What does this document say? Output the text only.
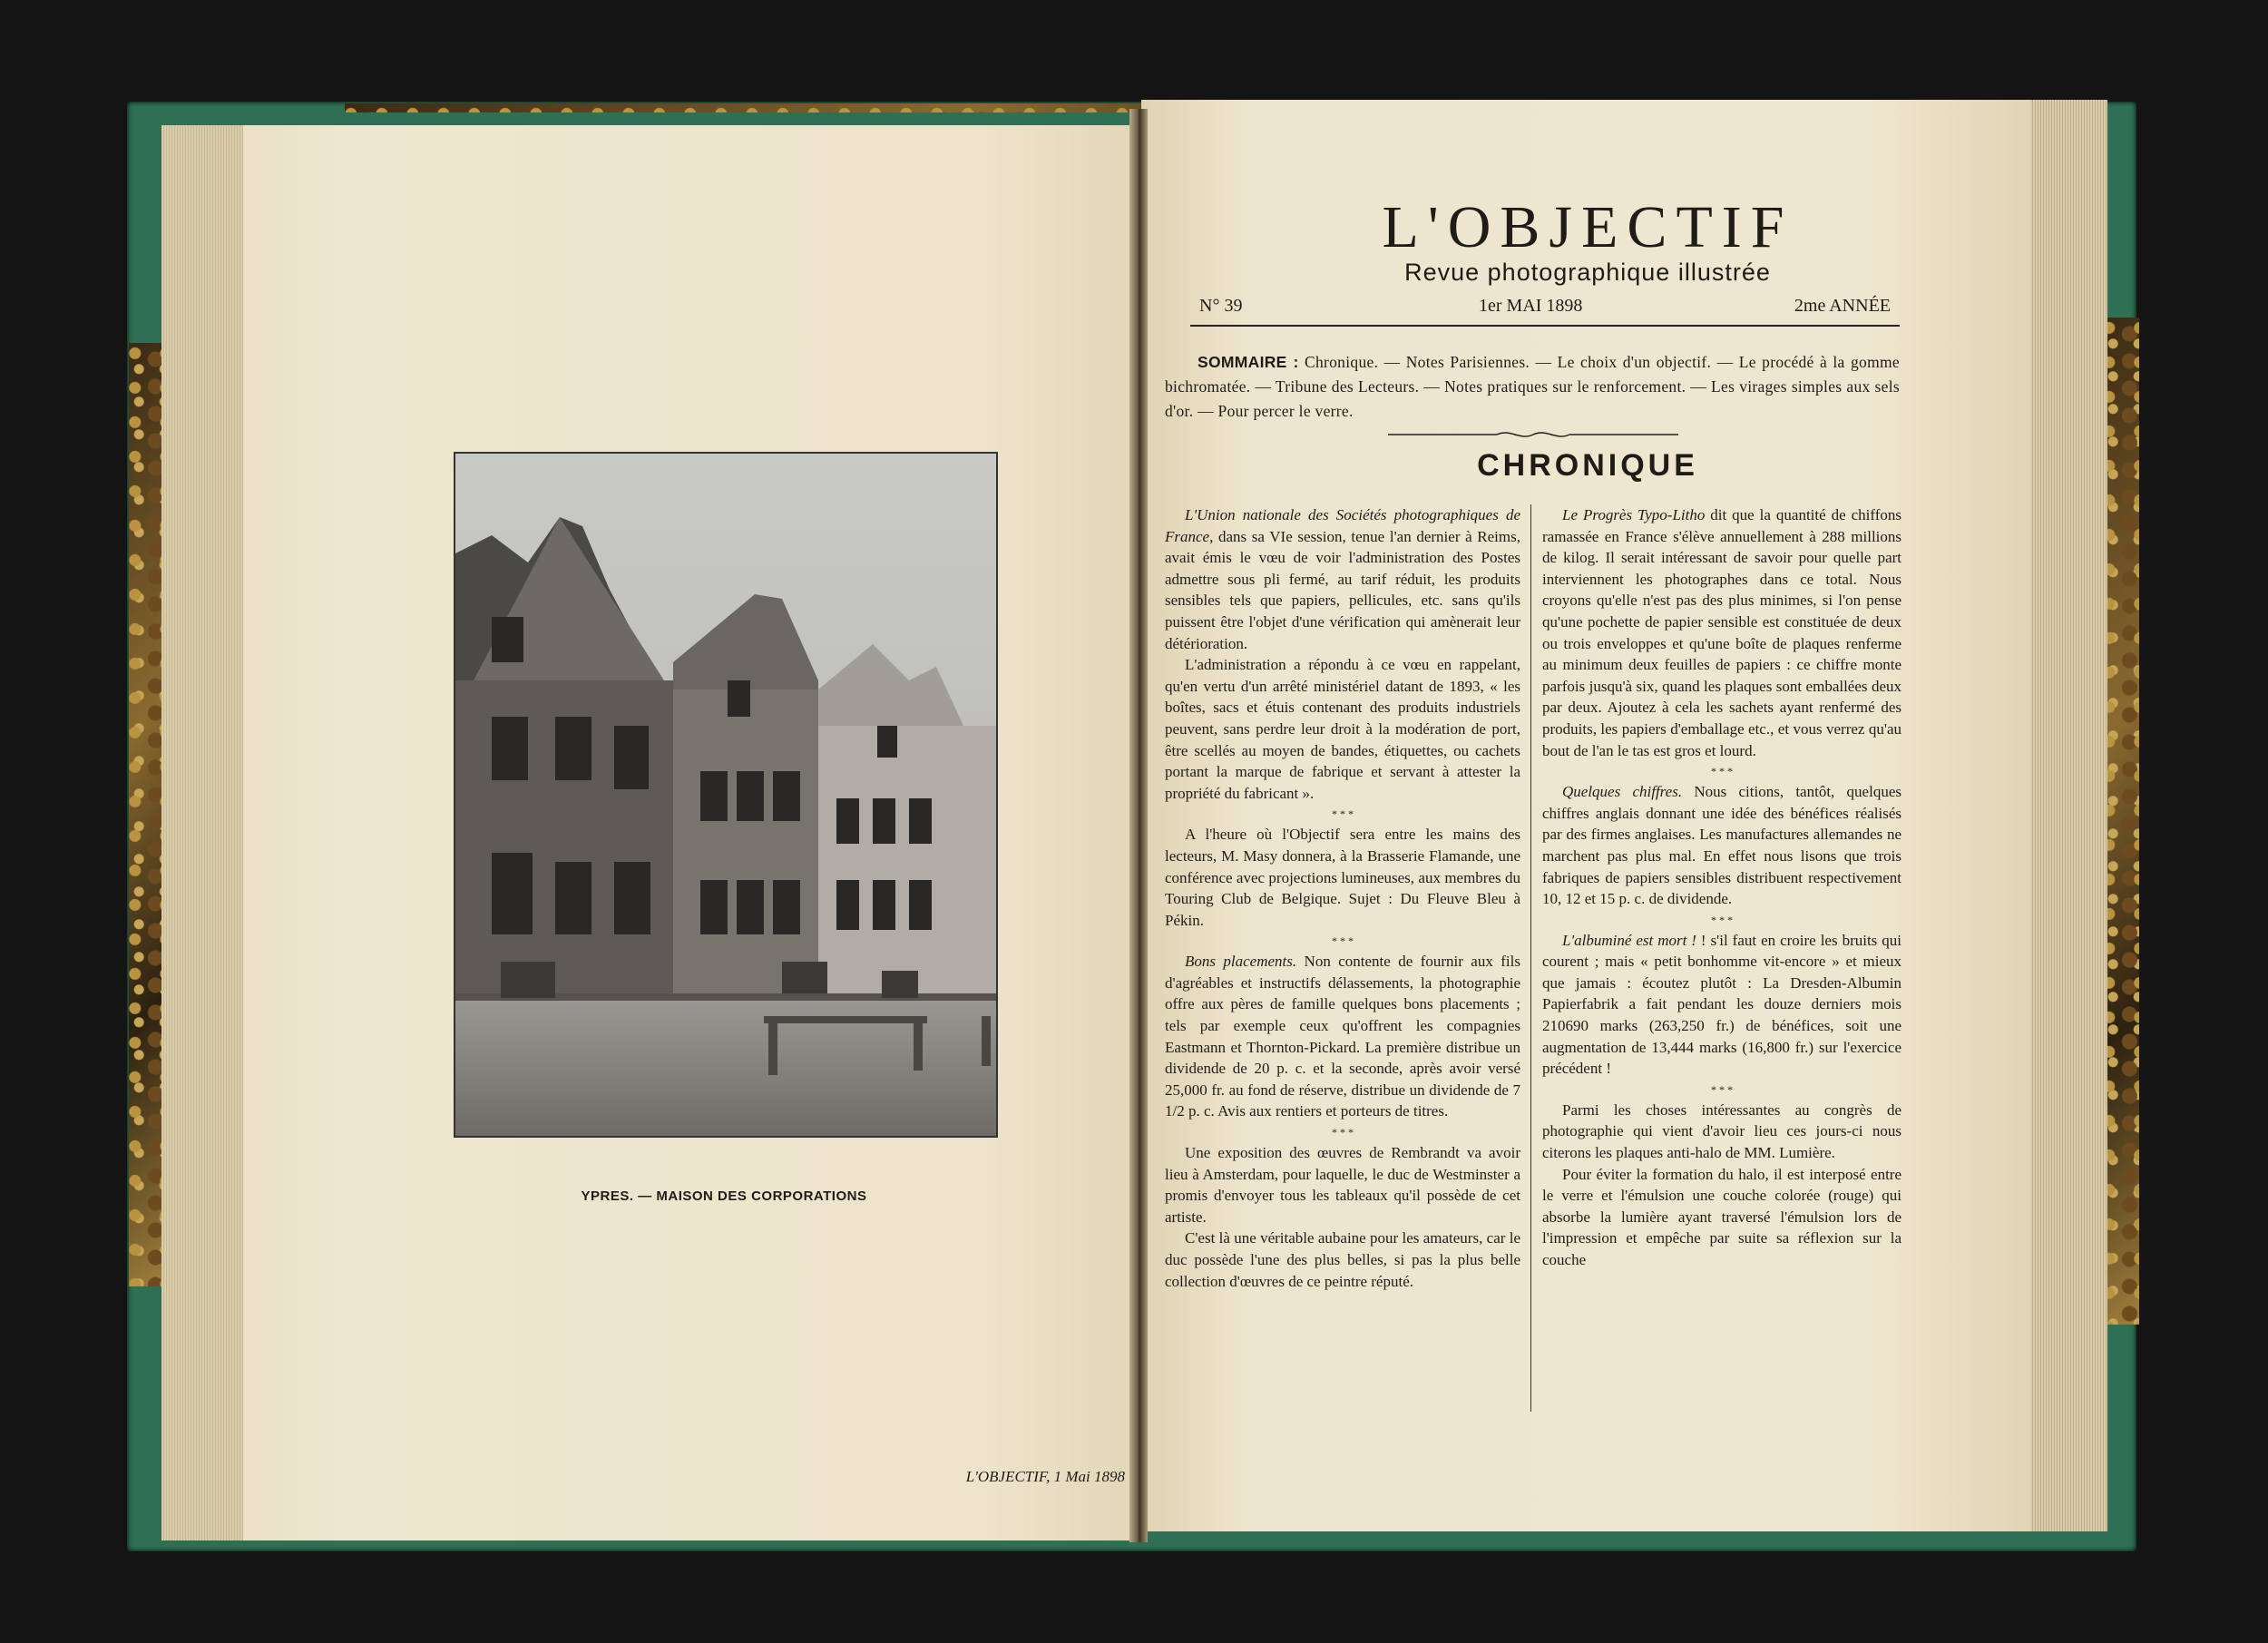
YPRES. — MAISON DES CORPORATIONS
L'OBJECTIF, 1 Mai 1898
L'OBJECTIF
Revue photographique illustrée
N° 39	1er MAI 1898	2me ANNÉE
SOMMAIRE : Chronique. — Notes Parisiennes. — Le choix d'un objectif. — Le procédé à la gomme bichromatée. — Tribune des Lecteurs. — Notes pratiques sur le renforcement. — Les virages simples aux sels d'or. — Pour percer le verre.
CHRONIQUE

L'Union nationale des Sociétés photographiques de France, dans sa VIe session, tenue l'an dernier à Reims, avait émis le vœu de voir l'administration des Postes admettre sous pli fermé, au tarif réduit, les produits sensibles tels que papiers, pellicules, etc. sans qu'ils puissent être l'objet d'une vérification qui amènerait leur détérioration.

L'administration a répondu à ce vœu en rappelant, qu'en vertu d'un arrêté ministériel datant de 1893, « les boîtes, sacs et étuis contenant des produits industriels peuvent, sans perdre leur droit à la modération de port, être scellés au moyen de bandes, étiquettes, ou cachets portant la marque de fabrique et servant à attester la propriété du fabricant ».

* * *

A l'heure où l'Objectif sera entre les mains des lecteurs, M. Masy donnera, à la Brasserie Flamande, une conférence avec projections lumineuses, aux membres du Touring Club de Belgique. Sujet : Du Fleuve Bleu à Pékin.

* * *

Bons placements. Non contente de fournir aux fils d'agréables et instructifs délassements, la photographie offre aux pères de famille quelques bons placements ; tels par exemple ceux qu'offrent les compagnies Eastmann et Thornton-Pickard. La première distribue un dividende de 20 p. c. et la seconde, après avoir versé 25,000 fr. au fond de réserve, distribue un dividende de 7 1/2 p. c. Avis aux rentiers et porteurs de titres.

* * *

Une exposition des œuvres de Rembrandt va avoir lieu à Amsterdam, pour laquelle, le duc de Westminster a promis d'envoyer tous les tableaux qu'il possède de cet artiste.

C'est là une véritable aubaine pour les amateurs, car le duc possède l'une des plus belles, si pas la plus belle collection d'œuvres de ce peintre réputé.

Le Progrès Typo-Litho dit que la quantité de chiffons ramassée en France s'élève annuellement à 288 millions de kilog. Il serait intéressant de savoir pour quelle part interviennent les photographes dans ce total. Nous croyons qu'elle n'est pas des plus minimes, si l'on pense qu'une pochette de papier sensible est constituée de deux ou trois enveloppes et qu'une boîte de plaques renferme au minimum deux feuilles de papiers : ce chiffre monte parfois jusqu'à six, quand les plaques sont emballées deux par deux. Ajoutez à cela les sachets ayant renfermé des produits, les papiers d'emballage etc., et vous verrez qu'au bout de l'an le tas est gros et lourd.

* * *

Quelques chiffres. Nous citions, tantôt, quelques chiffres anglais donnant une idée des bénéfices réalisés par des firmes anglaises. Les manufactures allemandes ne marchent pas plus mal. En effet nous lisons que trois fabriques de papiers sensibles distribuent respectivement 10, 12 et 15 p. c. de dividende.

* * *

L'albuminé est mort ! ! s'il faut en croire les bruits qui courent ; mais « petit bonhomme vit-encore » et mieux que jamais : écoutez plutôt : La Dresden-Albumin Papierfabrik a fait pendant les douze derniers mois 210690 marks (263,250 fr.) de bénéfices, soit une augmentation de 13,444 marks (16,800 fr.) sur l'exercice précédent !

* * *

Parmi les choses intéressantes au congrès de photographie qui vient d'avoir lieu ces jours-ci nous citerons les plaques anti-halo de MM. Lumière.

Pour éviter la formation du halo, il est interposé entre le verre et l'émulsion une couche colorée (rouge) qui absorbe la lumière ayant traversé l'émulsion lors de l'impression et empêche par suite sa réflexion sur la couche
